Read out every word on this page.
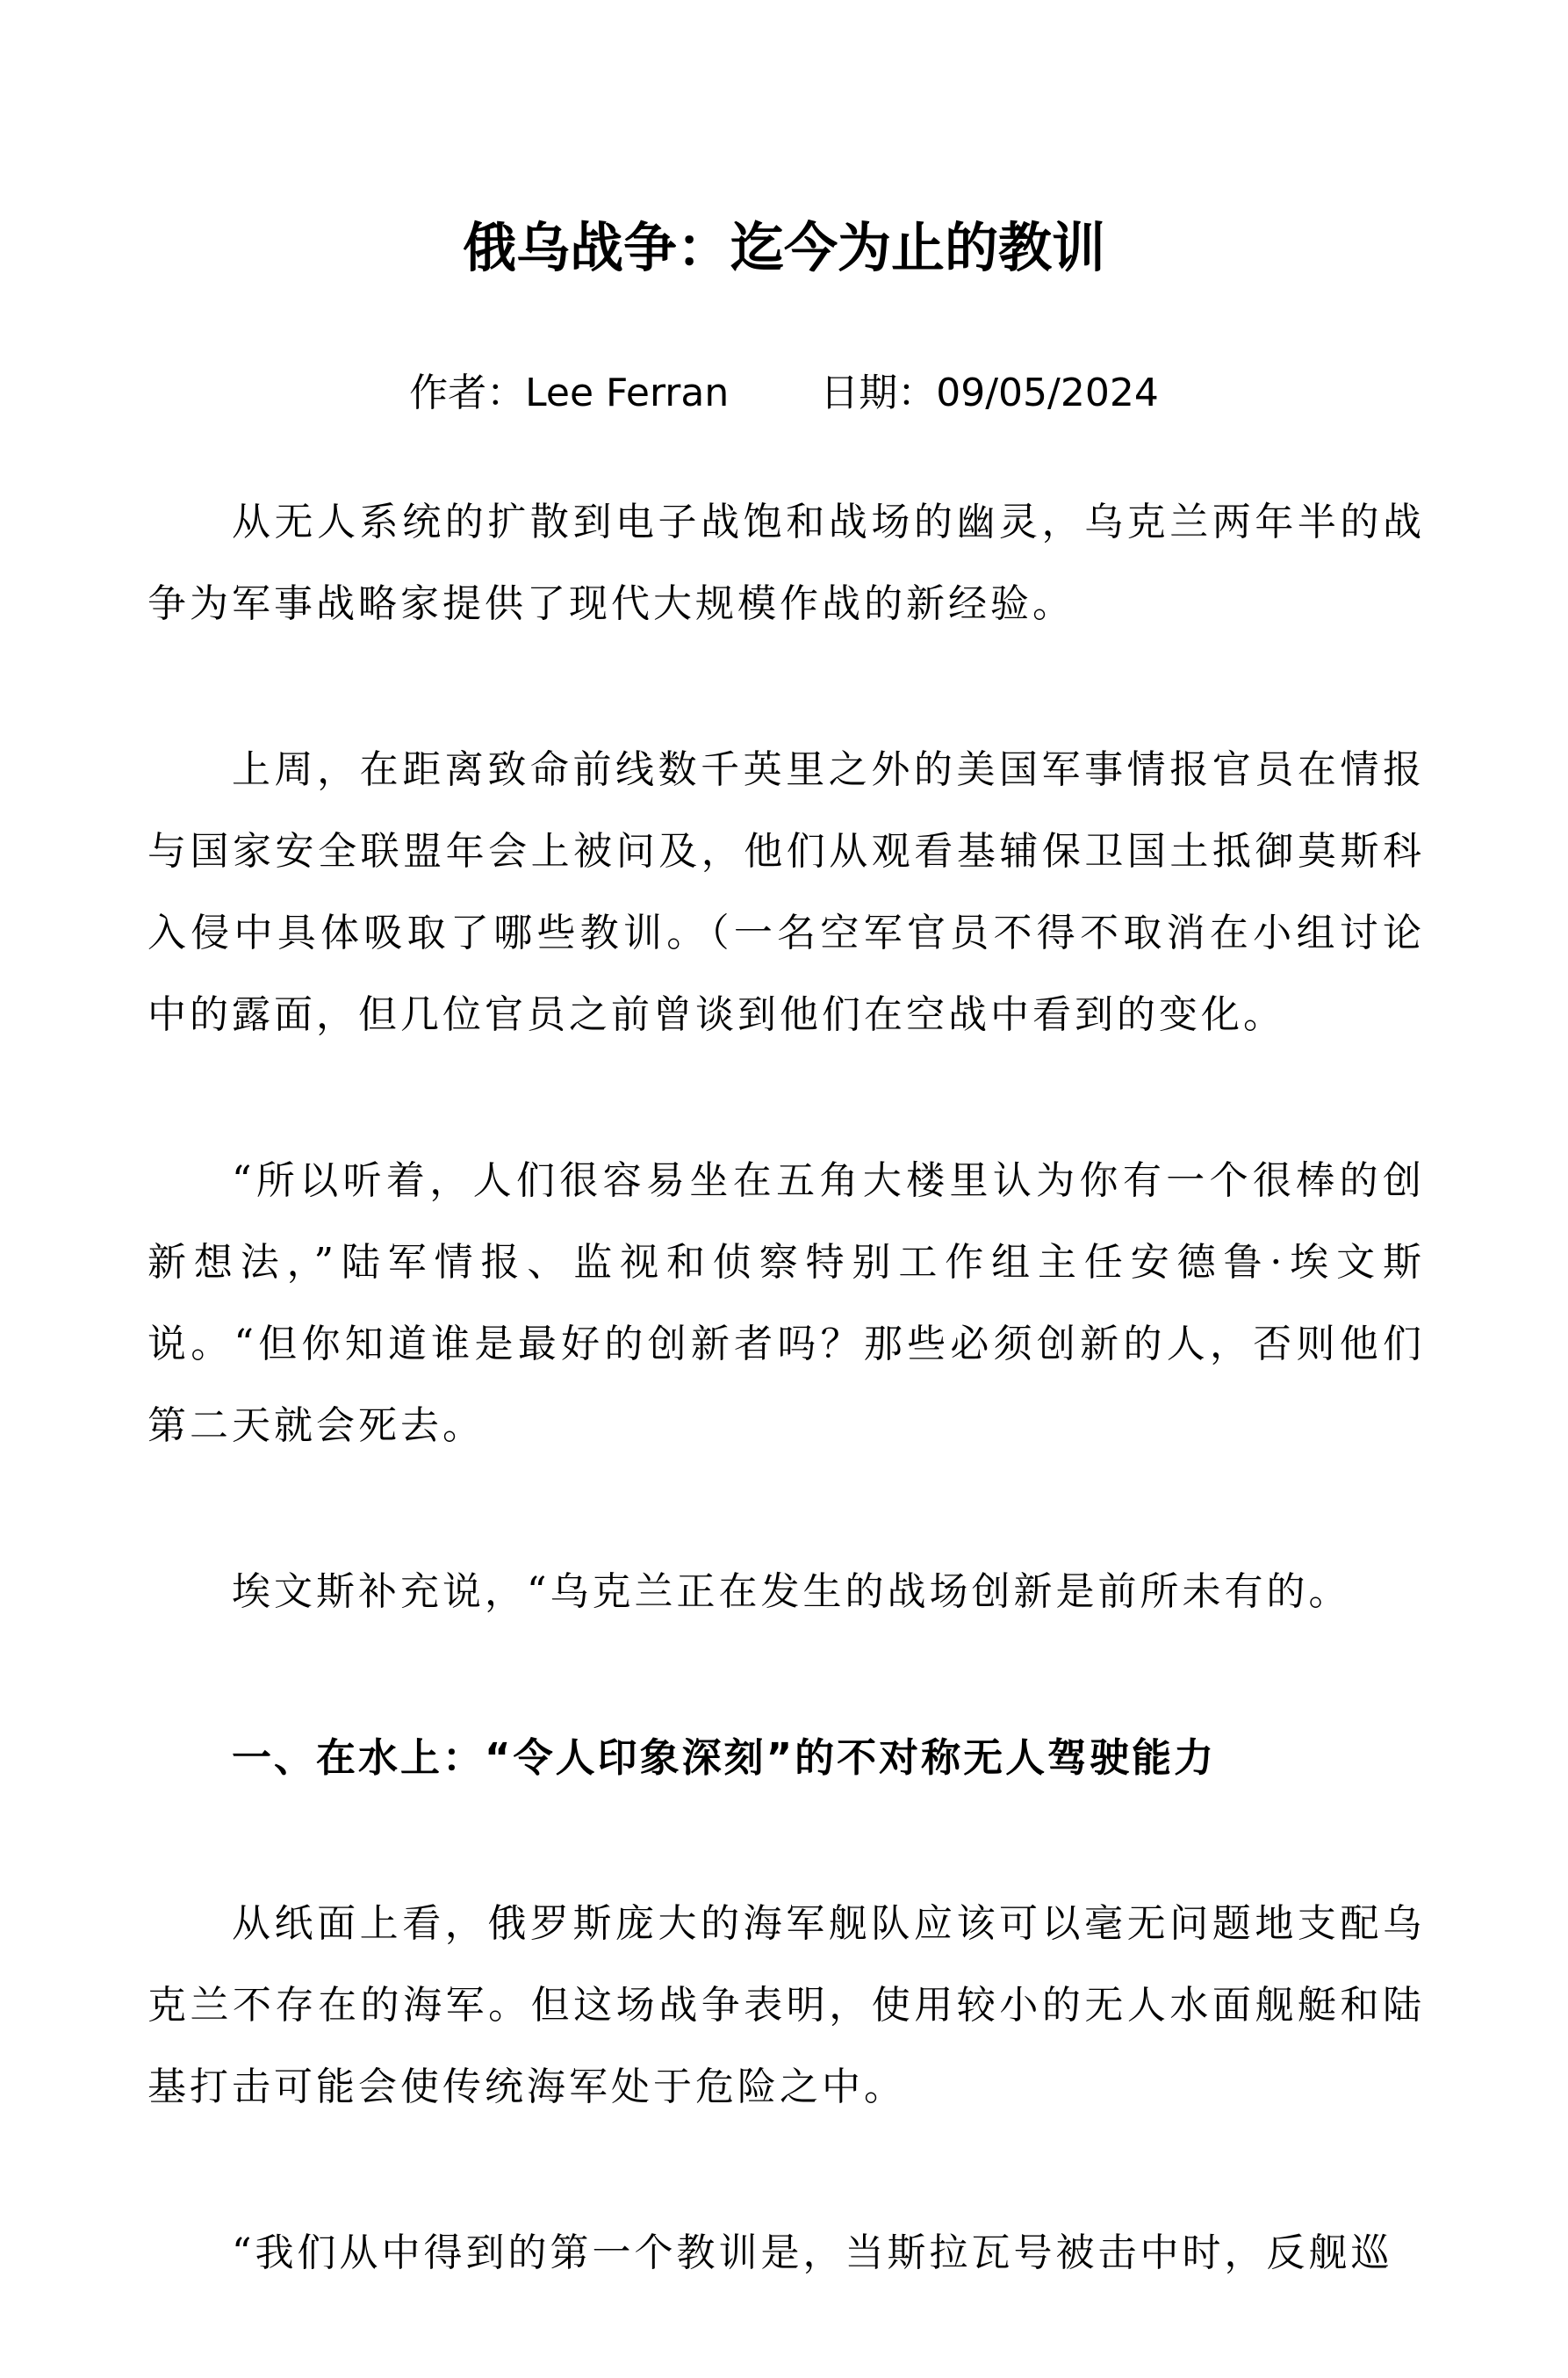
俄乌战争：迄今为止的教训
作者：Lee Ferran 日期：09/05/2024

从无人系统的扩散到电子战饱和战场的幽灵，乌克兰两年半的战争为军事战略家提供了现代大规模作战的新经验。

上周，在距离致命前线数千英里之外的美国军事情报官员在情报与国家安全联盟年会上被问及，他们从观看基辅保卫国土抵御莫斯科入侵中具体吸取了哪些教训。（一名空军官员不得不取消在小组讨论中的露面，但几位官员之前曾谈到他们在空战中看到的变化。

“所以听着，人们很容易坐在五角大楼里认为你有一个很棒的创新想法，”陆军情报、监视和侦察特别工作组主任安德鲁·埃文斯说。“但你知道谁是最好的创新者吗？那些必须创新的人，否则他们第二天就会死去。

埃文斯补充说，“乌克兰正在发生的战场创新是前所未有的。

一、在水上：“令人印象深刻”的不对称无人驾驶能力

从纸面上看，俄罗斯庞大的海军舰队应该可以毫无问题地支配乌克兰不存在的海军。但这场战争表明，使用较小的无人水面舰艇和陆基打击可能会使传统海军处于危险之中。

“我们从中得到的第一个教训是，当斯拉瓦号被击中时，反舰巡
